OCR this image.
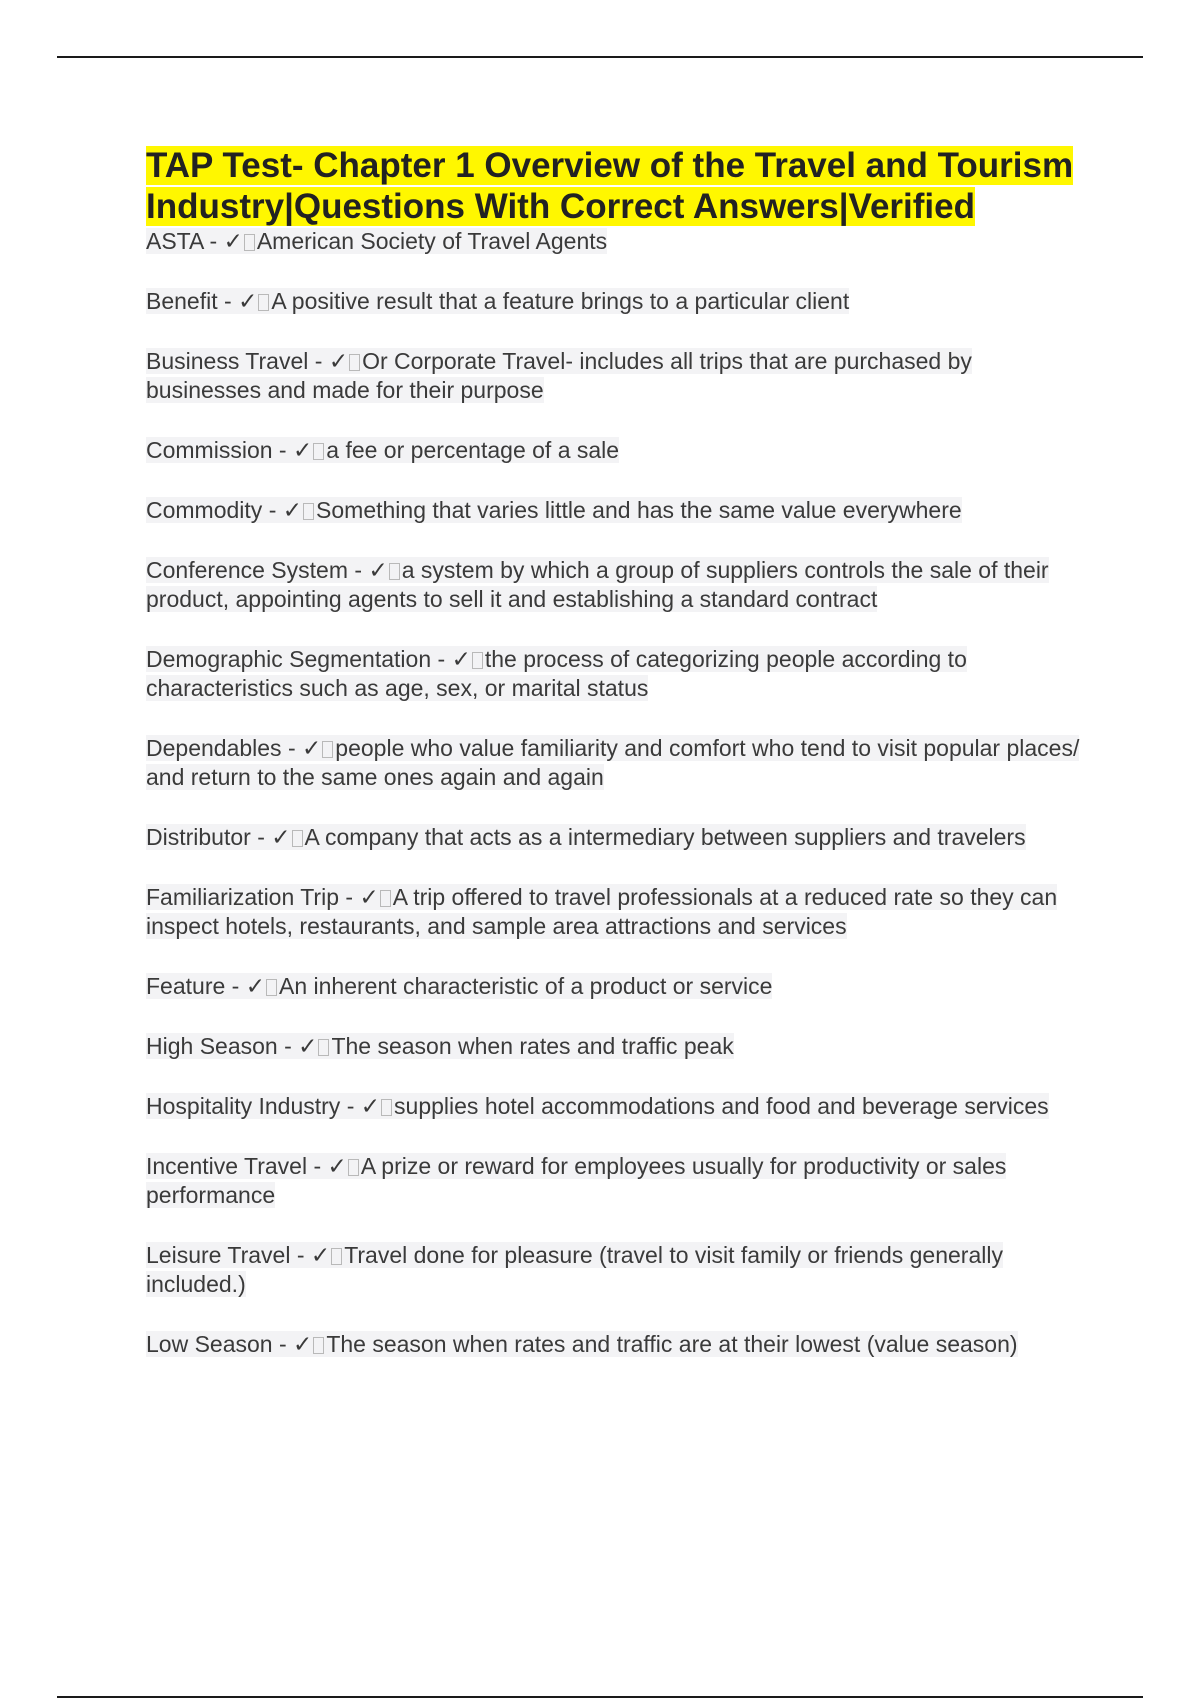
TAP Test- Chapter 1 Overview of the Travel and Tourism Industry|Questions With Correct Answers|Verified
ASTA - ✓ American Society of Travel Agents
Benefit - ✓ A positive result that a feature brings to a particular client
Business Travel - ✓ Or Corporate Travel- includes all trips that are purchased by businesses and made for their purpose
Commission - ✓ a fee or percentage of a sale
Commodity - ✓ Something that varies little and has the same value everywhere
Conference System - ✓ a system by which a group of suppliers controls the sale of their product, appointing agents to sell it and establishing a standard contract
Demographic Segmentation - ✓ the process of categorizing people according to characteristics such as age, sex, or marital status
Dependables - ✓ people who value familiarity and comfort who tend to visit popular places/ and return to the same ones again and again
Distributor - ✓ A company that acts as a intermediary between suppliers and travelers
Familiarization Trip - ✓ A trip offered to travel professionals at a reduced rate so they can inspect hotels, restaurants, and sample area attractions and services
Feature - ✓ An inherent characteristic of a product or service
High Season - ✓ The season when rates and traffic peak
Hospitality Industry - ✓ supplies hotel accommodations and food and beverage services
Incentive Travel - ✓ A prize or reward for employees usually for productivity or sales performance
Leisure Travel - ✓ Travel done for pleasure (travel to visit family or friends generally included.)
Low Season - ✓ The season when rates and traffic are at their lowest (value season)
